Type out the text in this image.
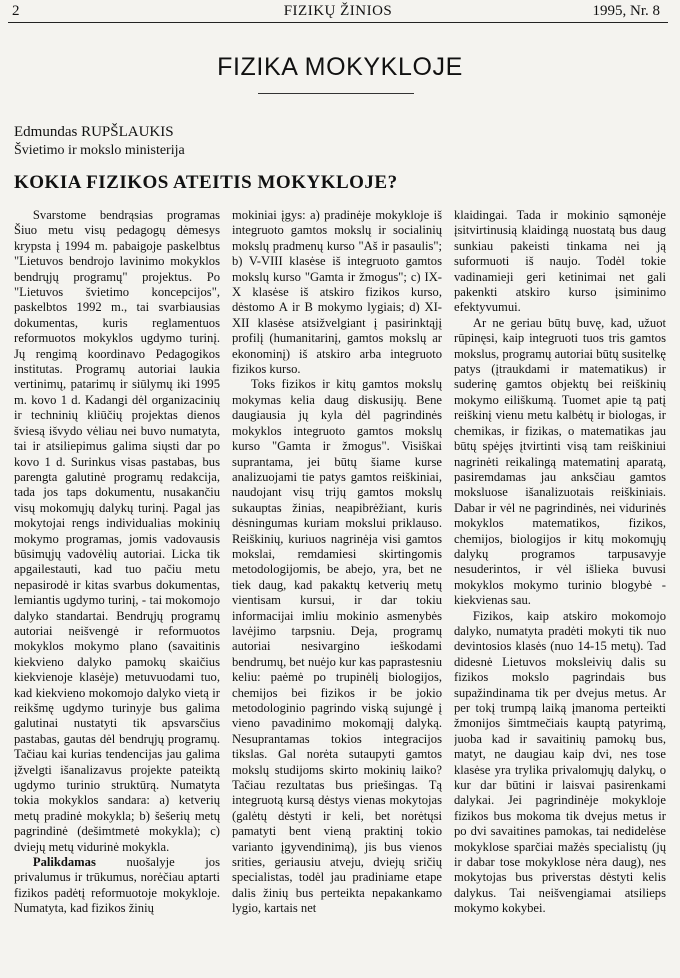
2	FIZIKŲ ŽINIOS	1995, Nr. 8
FIZIKA MOKYKLOJE
Edmundas RUPŠLAUKIS
Švietimo ir mokslo ministerija
KOKIA FIZIKOS ATEITIS MOKYKLOJE?

Svarstome bendrąsias programas Šiuo metu visų pedagogų dėmesys krypsta į 1994 m. pabaigoje paskelbtus "Lietuvos bendrojo lavinimo mokyklos bendrųjų programų" projektus. Po "Lietuvos švietimo koncepcijos", paskelbtos 1992 m., tai svarbiausias dokumentas, kuris reglamentuos reformuotos mokyklos ugdymo turinį. Jų rengimą koordinavo Pedagogikos institutas. Programų autoriai laukia vertinimų, patarimų ir siūlymų iki 1995 m. kovo 1 d. Kadangi dėl organizacinių ir techninių kliūčių projektas dienos šviesą išvydo vėliau nei buvo numatyta, tai ir atsiliepimus galima siųsti dar po kovo 1 d. Surinkus visas pastabas, bus parengta galutinė programų redakcija, tada jos taps dokumentu, nusakančiu visų mokomųjų dalykų turinį. Pagal jas mokytojai rengs individualias mokinių mokymo programas, jomis vadovausis būsimųjų vadovėlių autoriai. Licka tik apgailestauti, kad tuo pačiu metu nepasirodė ir kitas svarbus dokumentas, lemiantis ugdymo turinį, - tai mokomojo dalyko standartai. Bendrųjų programų autoriai neišvengė ir reformuotos mokyklos mokymo plano (savaitinis kiekvieno dalyko pamokų skaičius kiekvienoje klasėje) metuvuodami tuo, kad kiekvieno mokomojo dalyko vietą ir reikšmę ugdymo turinyje bus galima galutinai nustatyti tik apsvarsčius pastabas, gautas dėl bendrųjų programų. Tačiau kai kurias tendencijas jau galima įžvelgti išanalizavus projekte pateiktą ugdymo turinio struktūrą. Numatyta tokia mokyklos sandara: a) ketverių metų pradinė mokykla; b) šešerių metų pagrindinė (dešimtmetė mokykla); c) dviejų metų vidurinė mokykla.

Palikdamas nuošalyje jos privalumus ir trūkumus, norėčiau aptarti fizikos padėtį reformuotoje mokykloje. Numatyta, kad fizikos žinių

mokiniai įgys: a) pradinėje mokykloje iš integruoto gamtos mokslų ir socialinių mokslų pradmenų kurso "Aš ir pasaulis"; b) V-VIII klasėse iš integruoto gamtos mokslų kurso "Gamta ir žmogus"; c) IX-X klasėse iš atskiro fizikos kurso, dėstomo A ir B mokymo lygiais; d) XI-XII klasėse atsižvelgiant į pasirinktąjį profilį (humanitarinį, gamtos mokslų ar ekonominį) iš atskiro arba integruoto fizikos kurso.

Toks fizikos ir kitų gamtos mokslų mokymas kelia daug diskusijų. Bene daugiausia jų kyla dėl pagrindinės mokyklos integruoto gamtos mokslų kurso "Gamta ir žmogus". Visiškai suprantama, jei būtų šiame kurse analizuojami tie patys gamtos reiškiniai, naudojant visų trijų gamtos mokslų sukauptas žinias, neapibrėžiant, kuris dėsningumas kuriam mokslui priklauso. Reiškinių, kuriuos nagrinėja visi gamtos mokslai, remdamiesi skirtingomis metodologijomis, be abejo, yra, bet ne tiek daug, kad pakaktų ketverių metų vientisam kursui, ir dar tokiu informacijai imliu mokinio asmenybės lavėjimo tarpsniu. Deja, programų autoriai nesivargino ieškodami bendrumų, bet nuėjo kur kas paprastesniu keliu: paėmė po trupinėlį biologijos, chemijos bei fizikos ir be jokio metodologinio pagrindo viską sujungė į vieno pavadinimo mokomąjį dalyką. Nesuprantamas tokios integracijos tikslas. Gal norėta sutaupyti gamtos mokslų studijoms skirto mokinių laiko? Tačiau rezultatas bus priešingas. Tą integruotą kursą dėstys vienas mokytojas (galėtų dėstyti ir keli, bet norėtųsi pamatyti bent vieną praktinį tokio varianto įgyvendinimą), jis bus vienos srities, geriausiu atveju, dviejų sričių specialistas, todėl jau pradiniame etape dalis žinių bus perteikta nepakankamo lygio, kartais net

klaidingai. Tada ir mokinio sąmonėje įsitvirtinusią klaidingą nuostatą bus daug sunkiau pakeisti tinkama nei ją suformuoti iš naujo. Todėl tokie vadinamieji geri ketinimai net gali pakenkti atskiro kurso įsiminimo efektyvumui.

Ar ne geriau būtų buvę, kad, užuot rūpinęsi, kaip integruoti tuos tris gamtos mokslus, programų autoriai būtų susitelkę patys (įtraukdami ir matematikus) ir suderinę gamtos objektų bei reiškinių mokymo eiliškumą. Tuomet apie tą patį reiškinį vienu metu kalbėtų ir biologas, ir chemikas, ir fizikas, o matematikas jau būtų spėjęs įtvirtinti visą tam reiškiniui nagrinėti reikalingą matematinį aparatą, pasiremdamas jau anksčiau gamtos moksluose išanalizuotais reiškiniais. Dabar ir vėl ne pagrindinės, nei vidurinės mokyklos matematikos, fizikos, chemijos, biologijos ir kitų mokomųjų dalykų programos tarpusavyje nesuderintos, ir vėl išlieka buvusi mokyklos mokymo turinio blogybė - kiekvienas sau.

Fizikos, kaip atskiro mokomojo dalyko, numatyta pradėti mokyti tik nuo devintosios klasės (nuo 14-15 metų). Tad didesnė Lietuvos moksleivių dalis su fizikos mokslo pagrindais bus supažindinama tik per dvejus metus. Ar per tokį trumpą laiką įmanoma perteikti žmonijos šimtmečiais kauptą patyrimą, juoba kad ir savaitinių pamokų bus, matyt, ne daugiau kaip dvi, nes tose klasėse yra trylika privalomųjų dalykų, o kur dar būtini ir laisvai pasirenkami dalykai. Jei pagrindinėje mokykloje fizikos bus mokoma tik dvejus metus ir po dvi savaitines pamokas, tai nedidelėse mokyklose sparčiai mažės specialistų (jų ir dabar tose mokyklose nėra daug), nes mokytojas bus priverstas dėstyti kelis dalykus. Tai neišvengiamai atsilieps mokymo kokybei.
